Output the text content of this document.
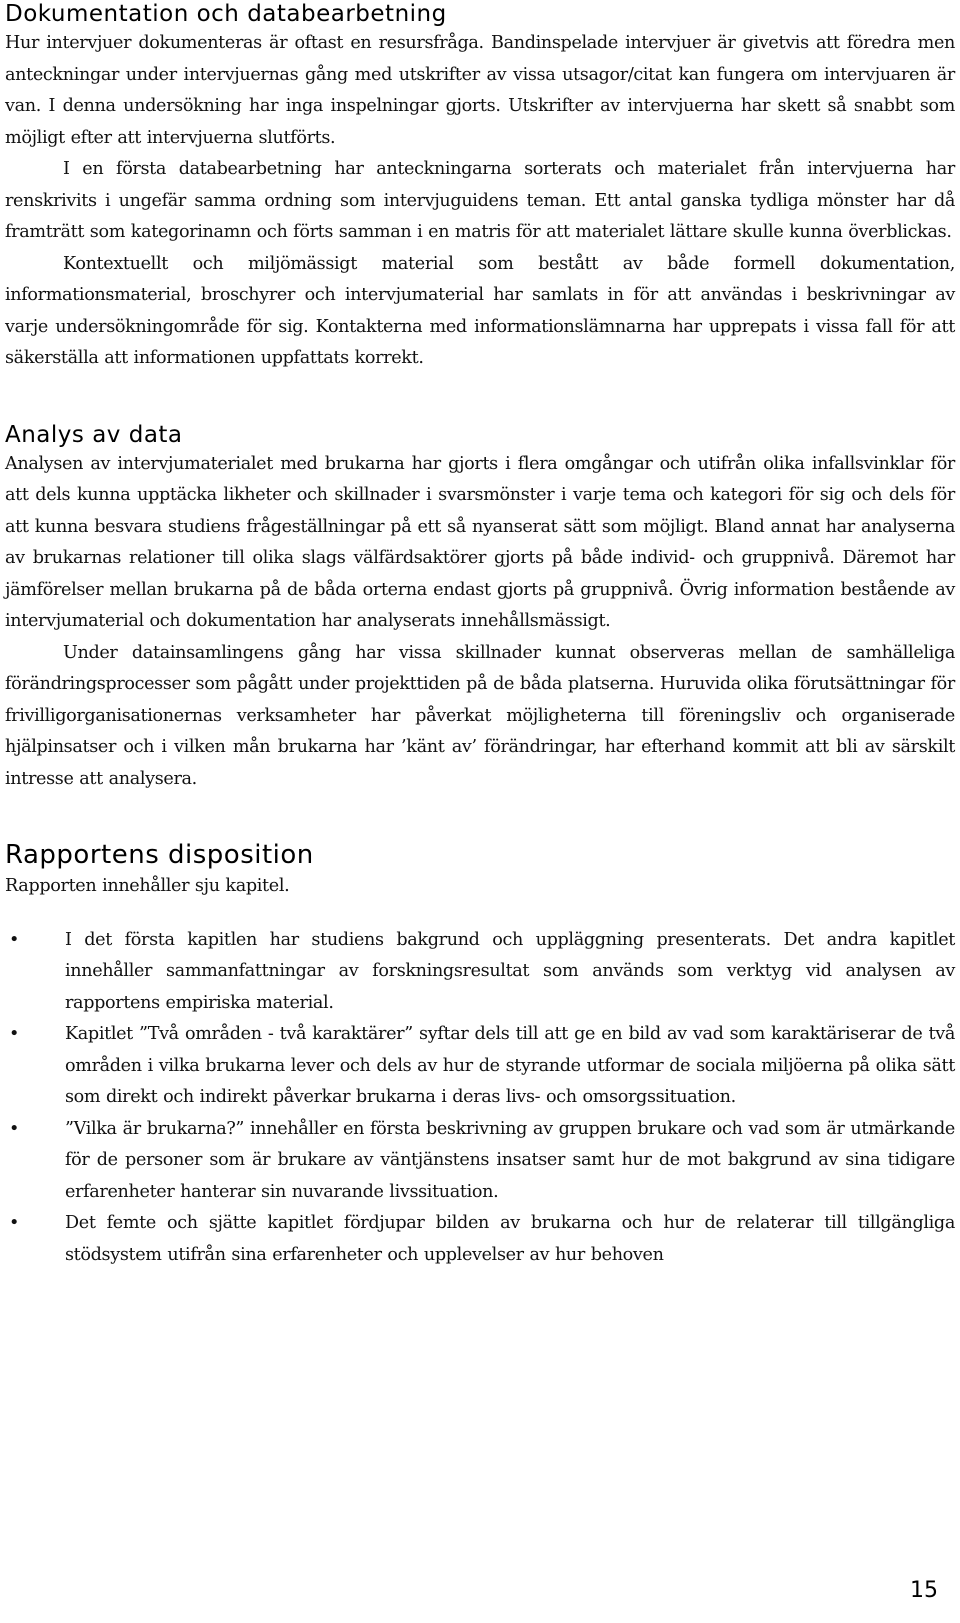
Dokumentation och databearbetning

Hur intervjuer dokumenteras är oftast en resursfråga. Bandinspelade intervjuer är givetvis att föredra men anteckningar under intervjuernas gång med utskrifter av vissa utsagor/citat kan fungera om intervjuaren är van. I denna undersökning har inga inspelningar gjorts. Utskrifter av intervjuerna har skett så snabbt som möjligt efter att intervjuerna slutförts.

I en första databearbetning har anteckningarna sorterats och materialet från intervjuerna har renskrivits i ungefär samma ordning som intervjuguidens teman. Ett antal ganska tydliga mönster har då framträtt som kategorinamn och förts samman i en matris för att materialet lättare skulle kunna överblickas.

Kontextuellt och miljömässigt material som bestått av både formell dokumentation, informationsmaterial, broschyrer och intervjumaterial har samlats in för att användas i beskrivningar av varje undersökningområde för sig. Kontakterna med informationslämnarna har upprepats i vissa fall för att säkerställa att informationen uppfattats korrekt.

Analys av data

Analysen av intervjumaterialet med brukarna har gjorts i flera omgångar och utifrån olika infallsvinklar för att dels kunna upptäcka likheter och skillnader i svarsmönster i varje tema och kategori för sig och dels för att kunna besvara studiens frågeställningar på ett så nyanserat sätt som möjligt. Bland annat har analyserna av brukarnas relationer till olika slags välfärdsaktörer gjorts på både individ- och gruppnivå. Däremot har jämförelser mellan brukarna på de båda orterna endast gjorts på gruppnivå. Övrig information bestående av intervjumaterial och dokumentation har analyserats innehållsmässigt.

Under datainsamlingens gång har vissa skillnader kunnat observeras mellan de samhälleliga förändringsprocesser som pågått under projekttiden på de båda platserna. Huruvida olika förutsättningar för frivilligorganisationernas verksamheter har påverkat möjligheterna till föreningsliv och organiserade hjälpinsatser och i vilken mån brukarna har ’känt av’ förändringar, har efterhand kommit att bli av särskilt intresse att analysera.

Rapportens disposition

Rapporten innehåller sju kapitel.

•	I det första kapitlen har studiens bakgrund och uppläggning presenterats. Det andra kapitlet innehåller sammanfattningar av forskningsresultat som används som verktyg vid analysen av rapportens empiriska material.
•	Kapitlet ”Två områden - två karaktärer” syftar dels till att ge en bild av vad som karaktäriserar de två områden i vilka brukarna lever och dels av hur de styrande utformar de sociala miljöerna på olika sätt som direkt och indirekt påverkar brukarna i deras livs- och omsorgssituation.
•	”Vilka är brukarna?” innehåller en första beskrivning av gruppen brukare och vad som är utmärkande för de personer som är brukare av väntjänstens insatser samt hur de mot bakgrund av sina tidigare erfarenheter hanterar sin nuvarande livssituation.
•	Det femte och sjätte kapitlet fördjupar bilden av brukarna och hur de relaterar till tillgängliga stödsystem utifrån sina erfarenheter och upplevelser av hur behoven
15
